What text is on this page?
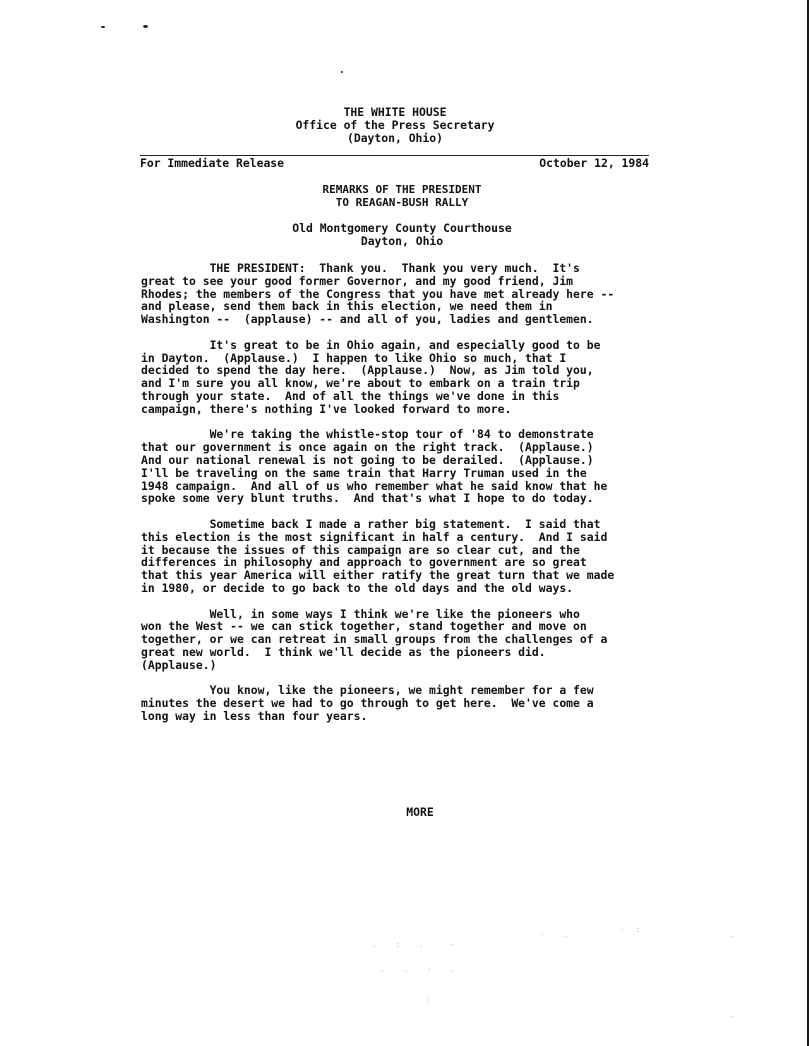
THE WHITE HOUSE
Office of the Press Secretary
(Dayton, Ohio)
For Immediate Release	October 12, 1984
REMARKS OF THE PRESIDENT
TO REAGAN-BUSH RALLY
Old Montgomery County Courthouse
Dayton, Ohio

THE PRESIDENT:  Thank you.  Thank you very much.  It's
great to see your good former Governor, and my good friend, Jim
Rhodes; the members of the Congress that you have met already here --
and please, send them back in this election, we need them in
Washington --  (applause) -- and all of you, ladies and gentlemen.

It's great to be in Ohio again, and especially good to be
in Dayton.  (Applause.)  I happen to like Ohio so much, that I
decided to spend the day here.  (Applause.)  Now, as Jim told you,
and I'm sure you all know, we're about to embark on a train trip
through your state.  And of all the things we've done in this
campaign, there's nothing I've looked forward to more.

We're taking the whistle-stop tour of '84 to demonstrate
that our government is once again on the right track.  (Applause.)
And our national renewal is not going to be derailed.  (Applause.)
I'll be traveling on the same train that Harry Truman used in the
1948 campaign.  And all of us who remember what he said know that he
spoke some very blunt truths.  And that's what I hope to do today.

Sometime back I made a rather big statement.  I said that
this election is the most significant in half a century.  And I said
it because the issues of this campaign are so clear cut, and the
differences in philosophy and approach to government are so great
that this year America will either ratify the great turn that we made
in 1980, or decide to go back to the old days and the old ways.

Well, in some ways I think we're like the pioneers who
won the West -- we can stick together, stand together and move on
together, or we can retreat in small groups from the challenges of a
great new world.  I think we'll decide as the pioneers did.
(Applause.)

You know, like the pioneers, we might remember for a few
minutes the desert we had to go through to get here.  We've come a
long way in less than four years.

MORE
.  :  .   ·
·  .
· :
.
.  .  ·  .
:
·
